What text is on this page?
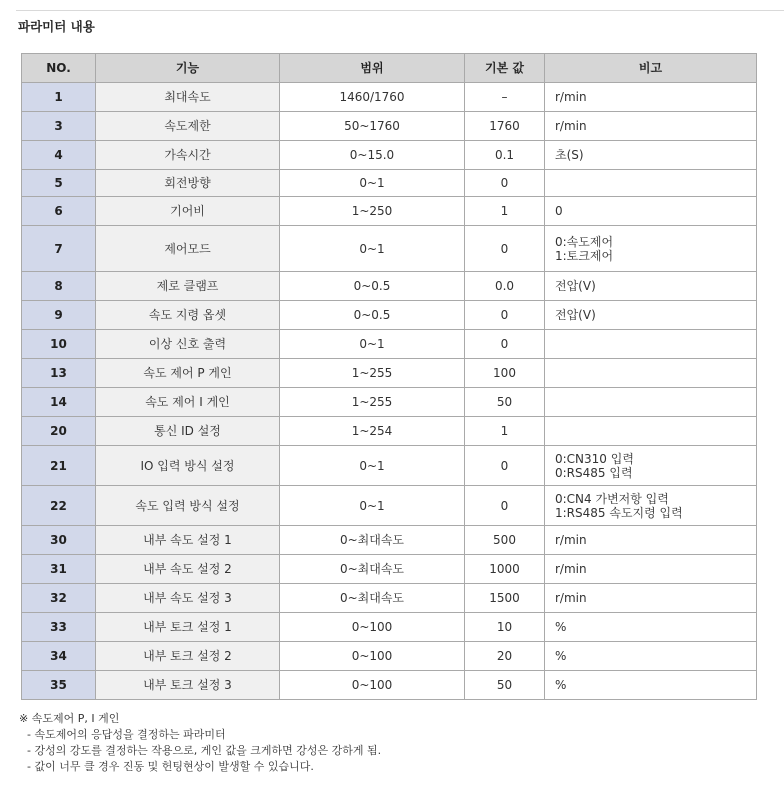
파라미터 내용
NO.	기능	범위	기본 값	비고
1	최대속도	1460/1760	–	r/min

3	속도제한	50~1760	1760	r/min

4	가속시간	0~15.0	0.1	초(S)

5	회전방향	0~1	0	

6	기어비	1~250	1	0

7	제어모드	0~1	0	0:속도제어
1:토크제어

8	제로 클램프	0~0.5	0.0	전압(V)

9	속도 지령 옵셋	0~0.5	0	전압(V)

10	이상 신호 출력	0~1	0	

13	속도 제어 P 게인	1~255	100	

14	속도 제어 I 게인	1~255	50	

20	통신 ID 설정	1~254	1	

21	IO 입력 방식 설정	0~1	0	0:CN310 입력
0:RS485 입력

22	속도 입력 방식 설정	0~1	0	0:CN4 가변저항 입력
1:RS485 속도지령 입력

30	내부 속도 설정 1	0~최대속도	500	r/min

31	내부 속도 설정 2	0~최대속도	1000	r/min

32	내부 속도 설정 3	0~최대속도	1500	r/min

33	내부 토크 설정 1	0~100	10	%

34	내부 토크 설정 2	0~100	20	%

35	내부 토크 설정 3	0~100	50	%
※ 속도제어 P, I 게인
- 속도제어의 응답성을 결정하는 파라미터
- 강성의 강도를 결정하는 작용으로, 게인 값을 크게하면 강성은 강하게 됨.
- 값이 너무 클 경우 진동 및 헌팅현상이 발생할 수 있습니다.
